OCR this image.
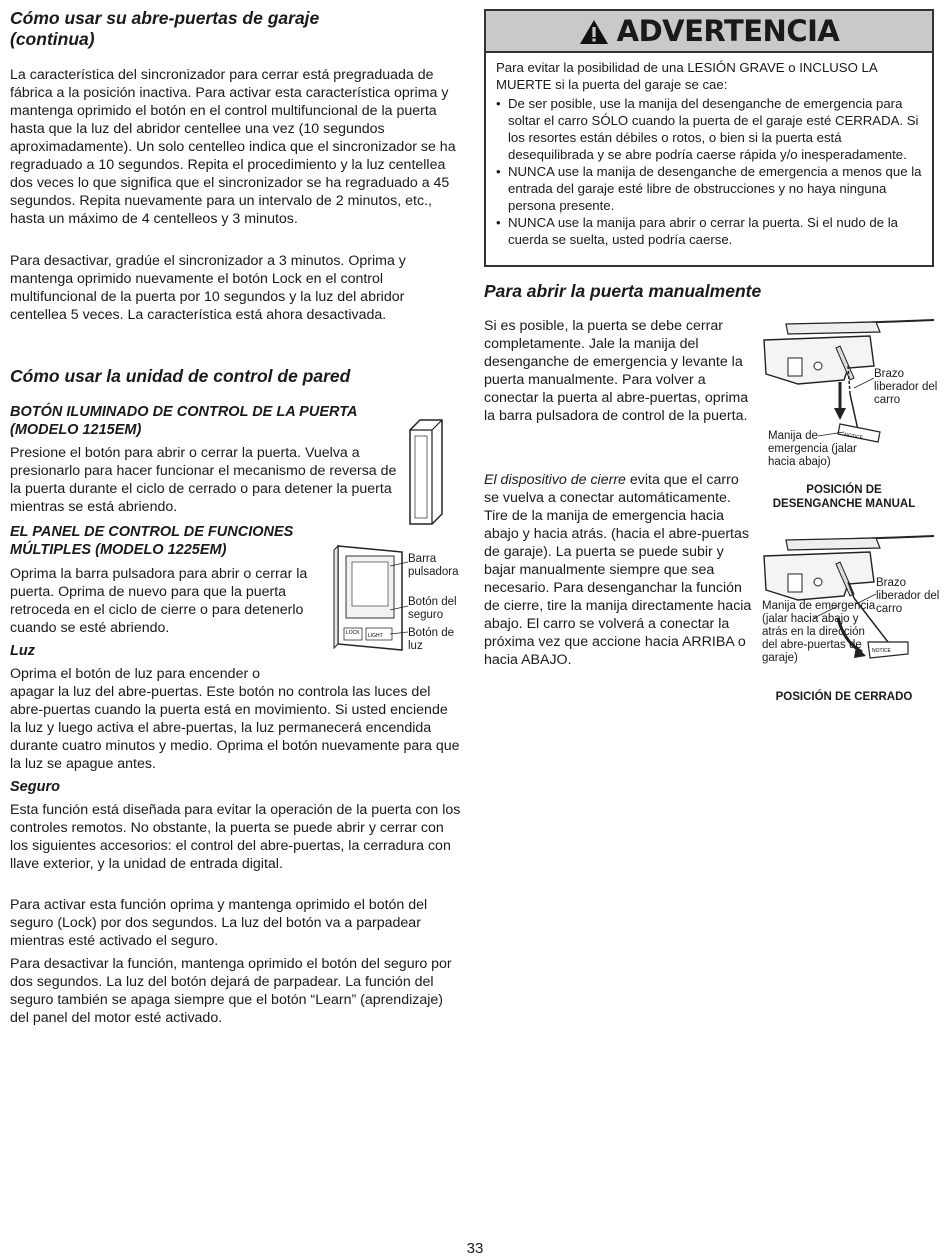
Cómo usar su abre-puertas de garaje
(continua)

La característica del sincronizador para cerrar está pregraduada de fábrica a la posición inactiva. Para activar esta característica oprima y mantenga oprimido el botón en el control multifuncional de la puerta hasta que la luz del abridor centellee una vez (10 segundos aproximadamente). Un solo centelleo indica que el sincronizador se ha regraduado a 10 segundos. Repita el procedimiento y la luz centellea dos veces lo que significa que el sincronizador se ha regraduado a 45 segundos. Repita nuevamente para un intervalo de 2 minutos, etc., hasta un máximo de 4 centelleos y 3 minutos.

Para desactivar, gradúe el sincronizador a 3 minutos. Oprima y mantenga oprimido nuevamente el botón Lock en el control multifuncional de la puerta por 10 segundos y la luz del abridor centellea 5 veces. La característica está ahora desactivada.

Cómo usar la unidad de control de pared
BOTÓN ILUMINADO DE CONTROL DE LA PUERTA
(MODELO 1215EM)

Presione el botón para abrir o cerrar la puerta. Vuelva a presionarlo para hacer funcionar el mecanismo de reversa de la puerta durante el ciclo de cerrado o para detener la puerta mientras se está abriendo.

EL PANEL DE CONTROL DE FUNCIONES
MÚLTIPLES (MODELO 1225EM)

Oprima la barra pulsadora para abrir o cerrar la puerta. Oprima de nuevo para que la puerta retroceda en el ciclo de cierre o para detenerlo cuando se esté abriendo.	LOCK LIGHT
Barra pulsadora
Botón del seguro
Botón de luz
Luz

Oprima el botón de luz para encender o

apagar la luz del abre-puertas. Este botón no controla las luces del abre-puertas cuando la puerta está en movimiento. Si usted enciende la luz y luego activa el abre-puertas, la luz permanecerá encendida durante cuatro minutos y medio. Oprima el botón nuevamente para que la luz se apague antes.

Seguro

Esta función está diseñada para evitar la operación de la puerta con los controles remotos. No obstante, la puerta se puede abrir y cerrar con los siguientes accesorios: el control del abre-puertas, la cerradura con llave exterior, y la unidad de entrada digital.

Para activar esta función oprima y mantenga oprimido el botón del seguro (Lock) por dos segundos. La luz del botón va a parpadear mientras esté activado el seguro.

Para desactivar la función, mantenga oprimido el botón del seguro por dos segundos. La luz del botón dejará de parpadear. La función del seguro también se apaga siempre que el botón “Learn” (aprendizaje) del panel del motor esté activado.

ADVERTENCIA

Para evitar la posibilidad de una LESIÓN GRAVE o INCLUSO LA MUERTE si la puerta del garaje se cae:

• De ser posible, use la manija del desenganche de emergencia para soltar el carro SÓLO cuando la puerta de el garaje esté CERRADA. Si los resortes están débiles o rotos, o bien si la puerta está desequilibrada y se abre podría caerse rápida y/o inesperadamente.
• NUNCA use la manija de desenganche de emergencia a menos que la entrada del garaje esté libre de obstrucciones y no haya ninguna persona presente.
• NUNCA use la manija para abrir o cerrar la puerta. Si el nudo de la cuerda se suelta, usted podría caerse.
Para abrir la puerta manualmente

Si es posible, la puerta se debe cerrar completamente. Jale la manija del desenganche de emergencia y levante la puerta manualmente. Para volver a conectar la puerta al abre-puertas, oprima la barra pulsadora de control de la puerta.

El dispositivo de cierre evita que el carro se vuelva a conectar automáticamente. Tire de la manija de emergencia hacia abajo y hacia atrás. (hacia el abre-puertas de garaje). La puerta se puede subir y bajar manualmente siempre que sea necesario. Para desenganchar la función de cierre, tire la manija directamente hacia abajo. El carro se volverá a conectar la próxima vez que accione hacia ARRIBA o hacia ABAJO.

NOTICE
Brazo liberador del carro
Manija de emergencia (jalar hacia abajo)
POSICIÓN DE DESENGANCHE MANUAL
NOTICE
Brazo liberador del carro
Manija de emergencia (jalar hacia abajo y atrás en la dirección del abre-puertas de garaje)
POSICIÓN DE CERRADO
33
